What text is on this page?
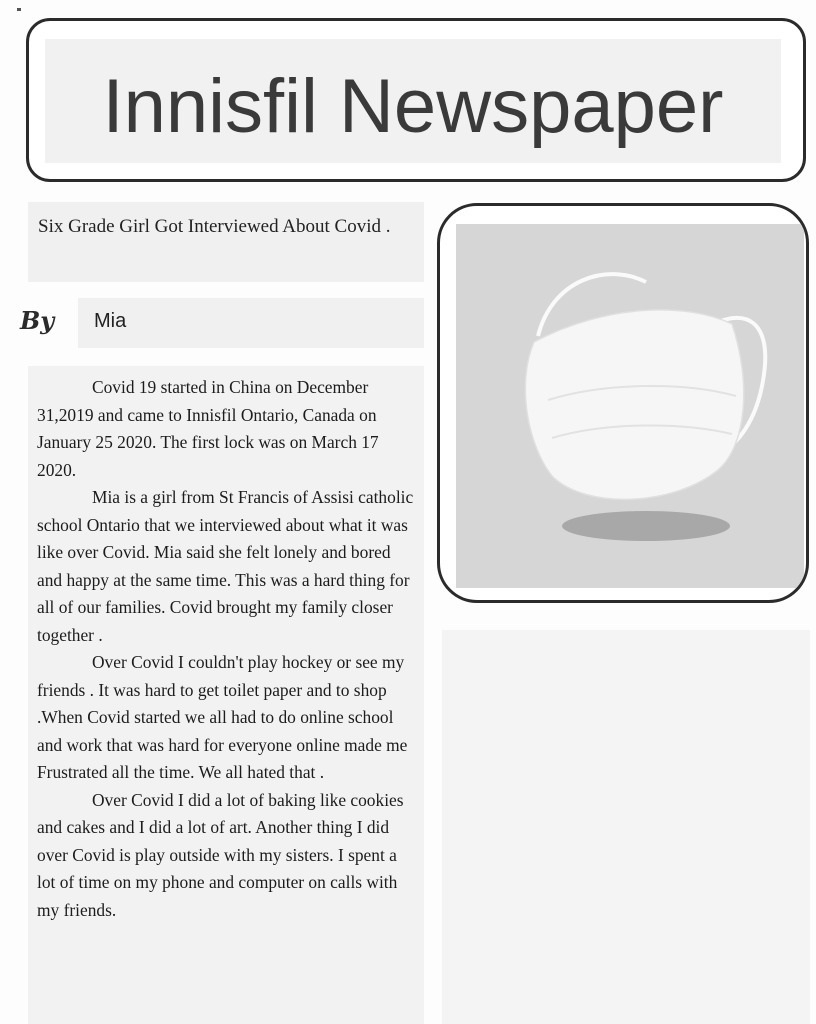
Innisfil Newspaper
Six Grade Girl Got Interviewed About Covid .
By Mia

Covid 19 started in China on December 31,2019 and came to Innisfil Ontario, Canada on January 25 2020. The first lock was on March 17 2020.

Mia is a girl from St Francis of Assisi catholic school Ontario that we interviewed about what it was like over Covid. Mia said she felt lonely and bored and happy at the same time. This was a hard thing for all of our families. Covid brought my family closer together .

Over Covid I couldn't play hockey or see my friends . It was hard to get toilet paper and to shop .When Covid started we all had to do online school and work that was hard for everyone online made me Frustrated all the time. We all hated that .

Over Covid I did a lot of baking like cookies and cakes and I did a lot of art. Another thing I did over Covid is play outside with my sisters. I spent a lot of time on my phone and computer on calls with my friends.
